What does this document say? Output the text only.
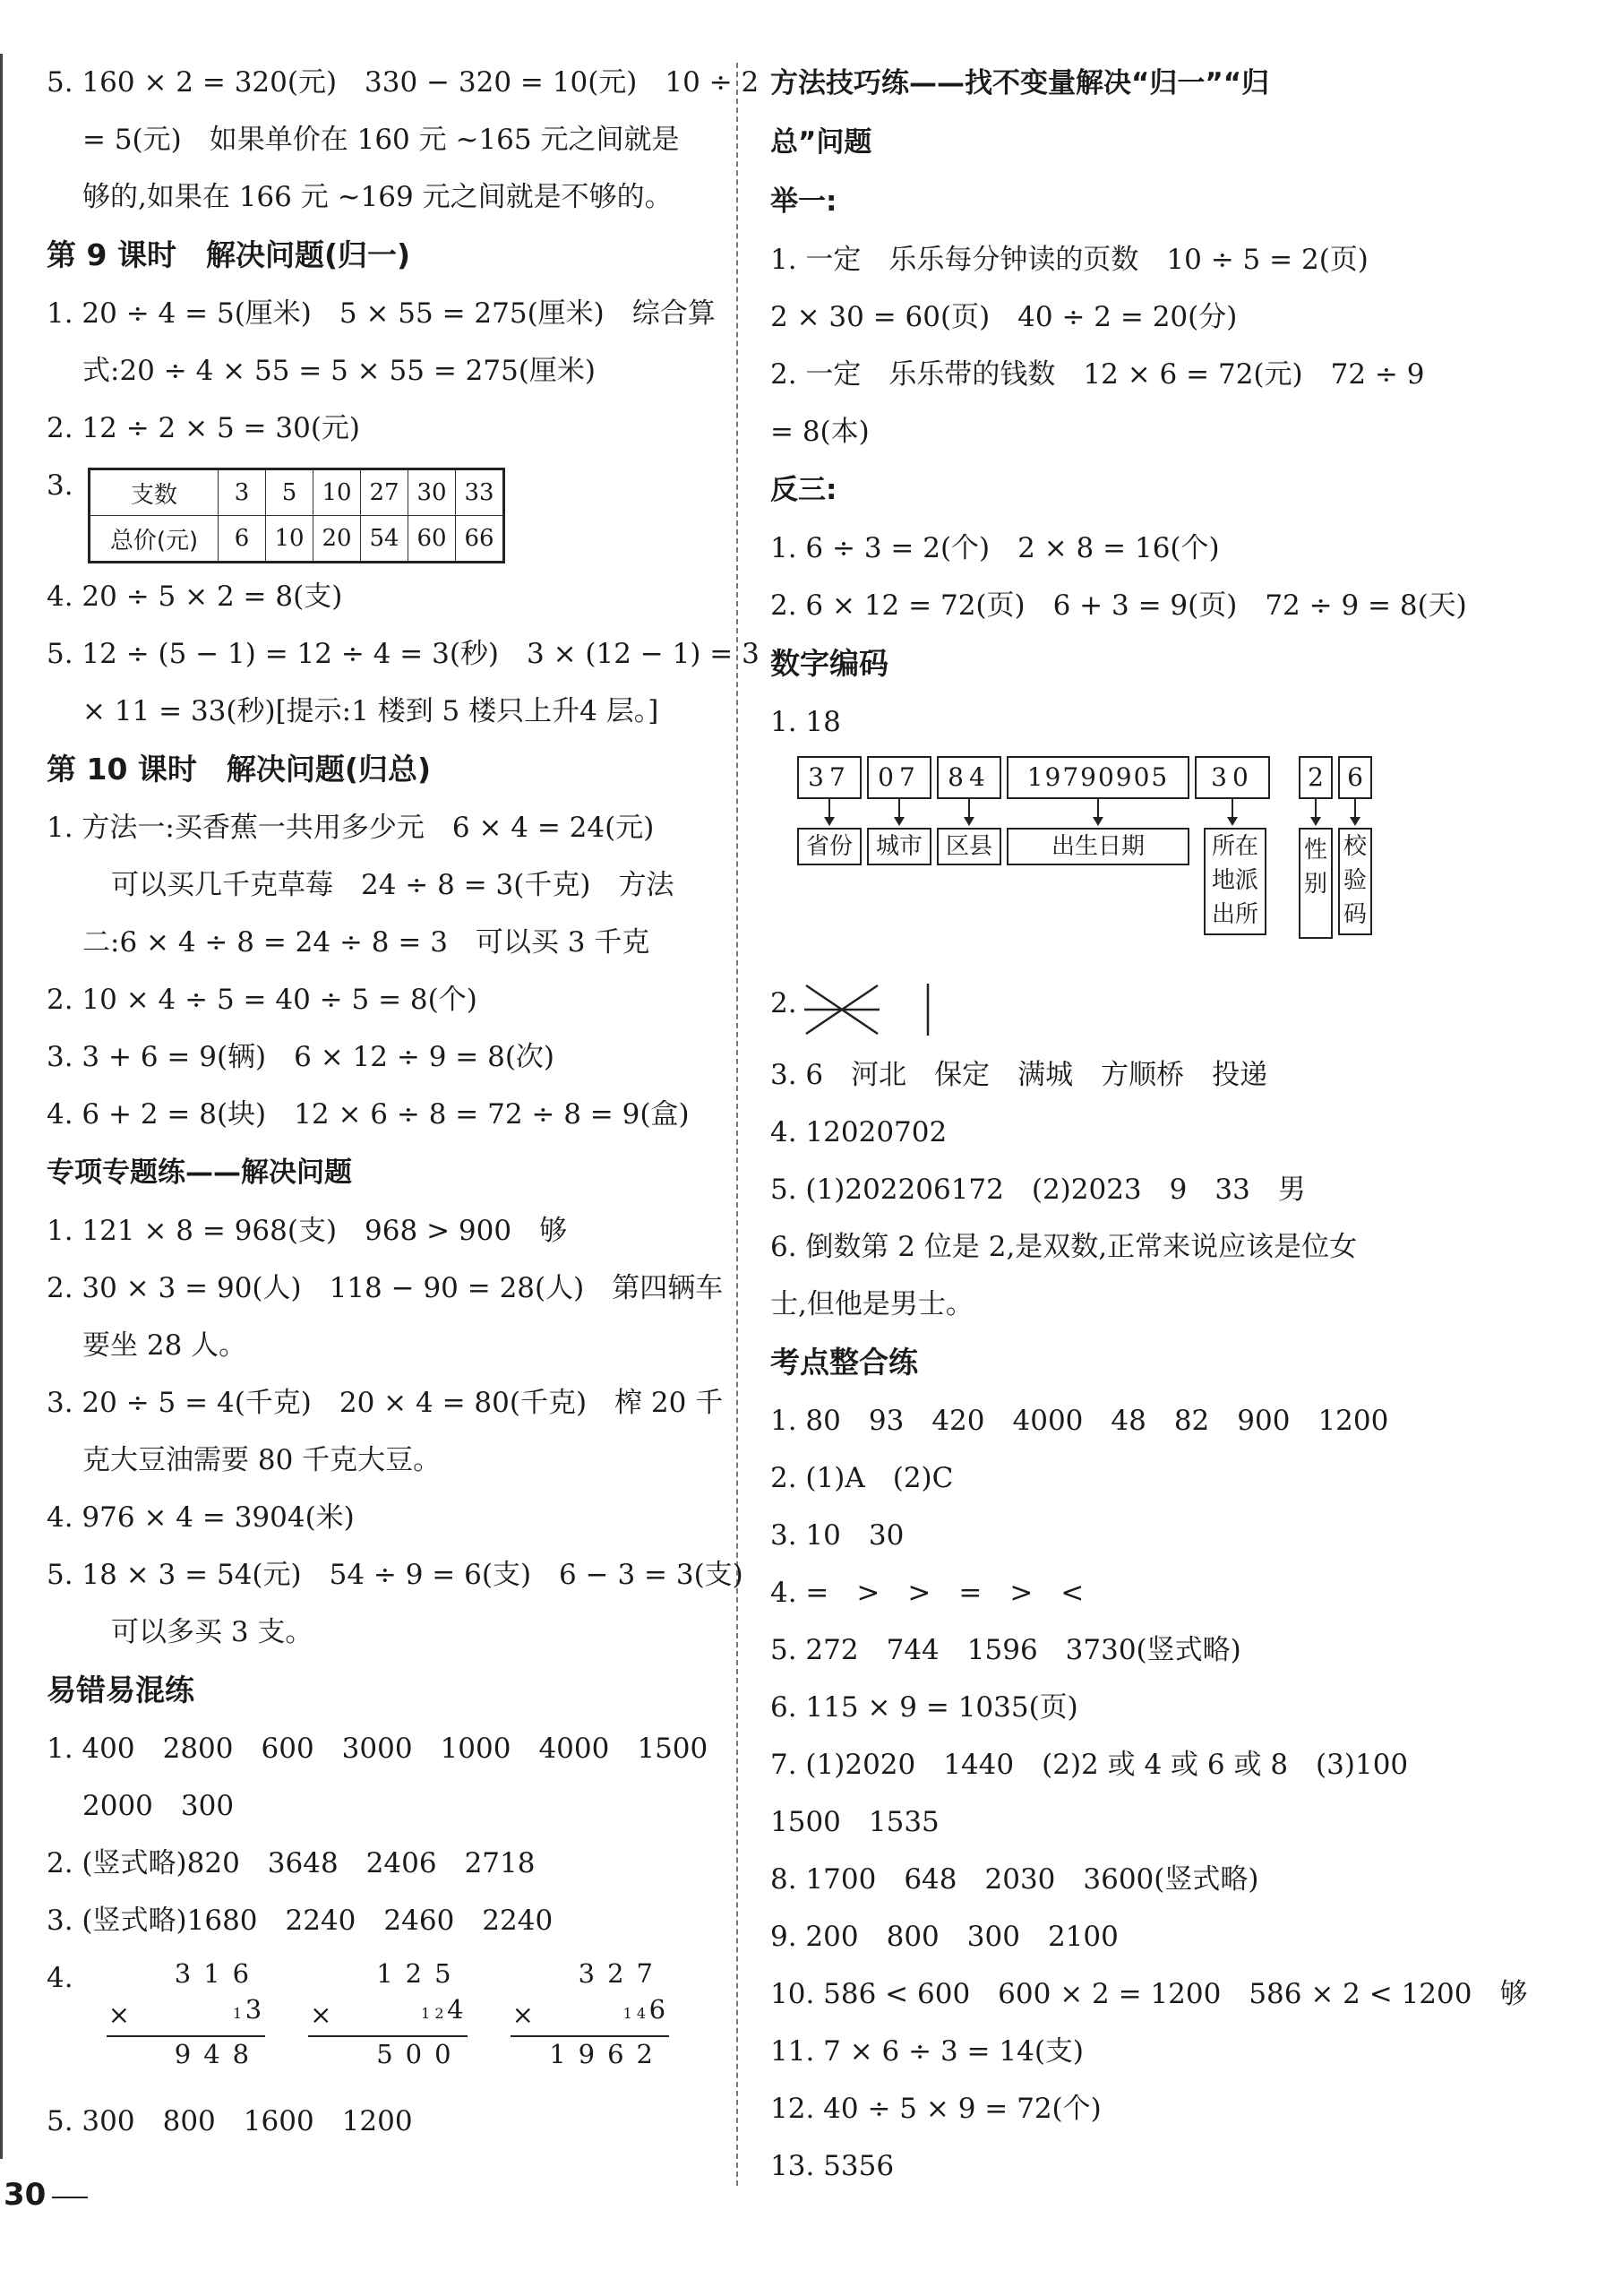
5. 160 × 2 = 320(元)　330 − 320 = 10(元)　10 ÷ 2
= 5(元)　如果单价在 160 元 ~165 元之间就是
够的,如果在 166 元 ~169 元之间就是不够的。
第 9 课时　解决问题(归一)
1. 20 ÷ 4 = 5(厘米)　5 × 55 = 275(厘米)　综合算
式:20 ÷ 4 × 55 = 5 × 55 = 275(厘米)
2. 12 ÷ 2 × 5 = 30(元)
3.	支数	3	5	10	27	30	33
总价(元)	6	10	20	54	60	66
4. 20 ÷ 5 × 2 = 8(支)
5. 12 ÷ (5 − 1) = 12 ÷ 4 = 3(秒)　3 × (12 − 1) = 3
× 11 = 33(秒)[提示:1 楼到 5 楼只上升4 层。]
第 10 课时　解决问题(归总)
1. 方法一:买香蕉一共用多少元　6 × 4 = 24(元)
可以买几千克草莓　24 ÷ 8 = 3(千克)　方法
二:6 × 4 ÷ 8 = 24 ÷ 8 = 3　可以买 3 千克
2. 10 × 4 ÷ 5 = 40 ÷ 5 = 8(个)
3. 3 + 6 = 9(辆)　6 × 12 ÷ 9 = 8(次)
4. 6 + 2 = 8(块)　12 × 6 ÷ 8 = 72 ÷ 8 = 9(盒)
专项专题练——解决问题
1. 121 × 8 = 968(支)　968 > 900　够
2. 30 × 3 = 90(人)　118 − 90 = 28(人)　第四辆车
要坐 28 人。
3. 20 ÷ 5 = 4(千克)　20 × 4 = 80(千克)　榨 20 千
克大豆油需要 80 千克大豆。
4. 976 × 4 = 3904(米)
5. 18 × 3 = 54(元)　54 ÷ 9 = 6(支)　6 − 3 = 3(支)
可以多买 3 支。
易错易混练
1. 400　2800　600　3000　1000　4000　1500
2000　300
2. (竖式略)820　3648　2406　2718
3. (竖式略)1680　2240　2460　2240
4.	316
×	1 3
948
125
×	1 2 4
500
327
×	1 4 6
1962
5. 300　800　1600　1200
方法技巧练——找不变量解决“归一”“归
总”问题
举一:
1. 一定　乐乐每分钟读的页数　10 ÷ 5 = 2(页)
2 × 30 = 60(页)　40 ÷ 2 = 20(分)
2. 一定　乐乐带的钱数　12 × 6 = 72(元)　72 ÷ 9
= 8(本)
反三:
1. 6 ÷ 3 = 2(个)　2 × 8 = 16(个)
2. 6 × 12 = 72(页)　6 + 3 = 9(页)　72 ÷ 9 = 8(天)
数字编码
1. 18
37	07	84	19790905	30	2 6
省份 城市 区县	出生日期	所在地派出所
性别
校验码
2.
3. 6　河北　保定　满城　方顺桥　投递
4. 12020702
5. (1)202206172　(2)2023　9　33　男
6. 倒数第 2 位是 2,是双数,正常来说应该是位女
士,但他是男士。
考点整合练
1. 80　93　420　4000　48　82　900　1200
2. (1)A　(2)C
3. 10　30
4. =　>　>　=　>　<
5. 272　744　1596　3730(竖式略)
6. 115 × 9 = 1035(页)
7. (1)2020　1440　(2)2 或 4 或 6 或 8　(3)100
1500　1535
8. 1700　648　2030　3600(竖式略)
9. 200　800　300　2100
10. 586 < 600　600 × 2 = 1200　586 × 2 < 1200　够
11. 7 × 6 ÷ 3 = 14(支)
12. 40 ÷ 5 × 9 = 72(个)
13. 5356
30
